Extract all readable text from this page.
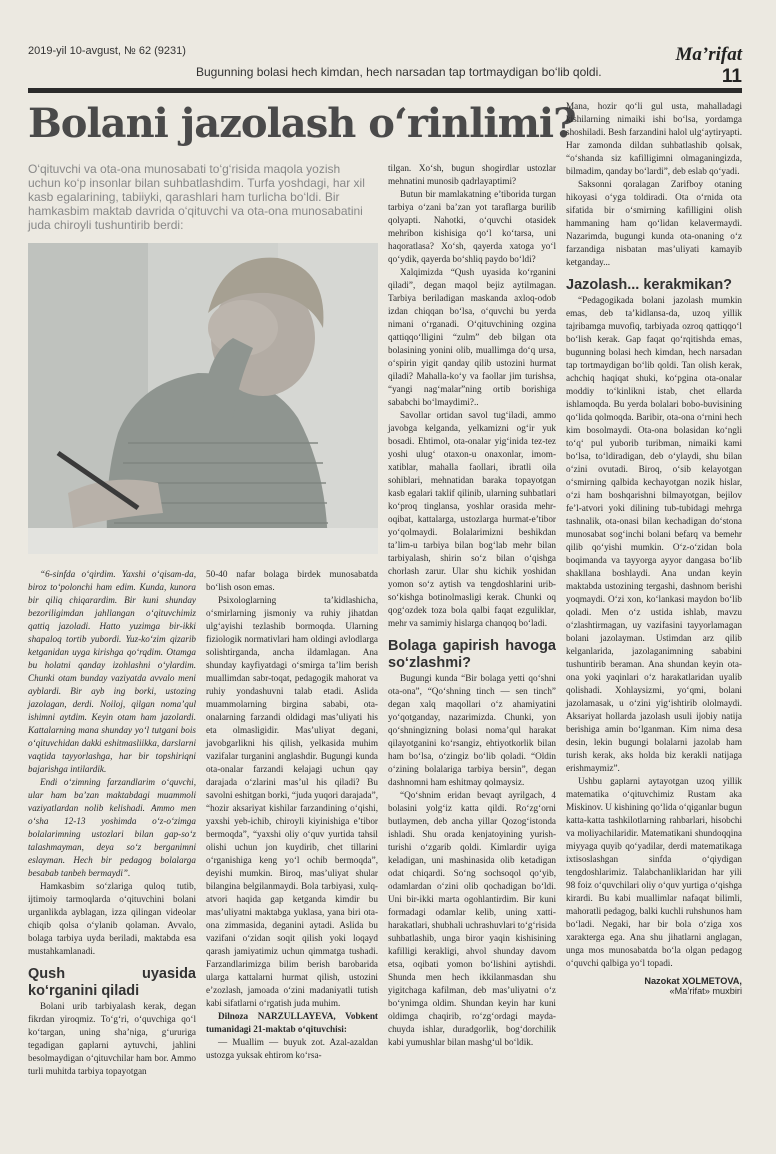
2019-yil 10-avgust, № 62 (9231)	Ma’rifat
Bugunning bolasi hech kimdan, hech narsadan tap tortmaydigan bo‘lib qoldi.	11
Bolani jazolash o‘rinlimi?
O‘qituvchi va ota-ona munosabati to‘g‘risida maqola yozish uchun ko‘p insonlar bilan suhbatlashdim. Turfa yoshdagi, har xil kasb egalarining, tabiiyki, qarashlari ham turlicha bo‘ldi. Bir hamkasbim maktab davrida o‘qituvchi va ota-ona munosabatini juda chiroyli tushuntirib berdi:

“6-sinfda o‘qirdim. Yaxshi o‘qisam-da, biroz to‘polonchi ham edim. Kunda, kunora bir qiliq chiqarardim. Bir kuni shunday bezoriligimdan jahllangan o‘qituvchimiz qattiq jazoladi. Hatto yuzimga bir-ikki shapaloq tortib yubordi. Yuz-ko‘zim qizarib ketganidan uyga kirishga qo‘rqdim. Otamga bu holatni qanday izohlashni o‘ylardim. Chunki otam bunday vaziyatda avvalo meni ayblardi. Bir ayb ing borki, ustozing jazolagan, derdi. Noiloj, qilgan noma’qul ishimni aytdim. Keyin otam ham jazolardi. Kattalarning mana shunday yo‘l tutgani bois o‘qituvchidan dakki eshitmasliikka, darslarni vaqtida tayyorlashga, har bir topshiriqni bajarishga intilardik.

Endi o‘zimning farzandlarim o‘quvchi, ular ham ba’zan maktabdagi muammoli vaziyatlardan nolib kelishadi. Ammo men o‘sha 12-13 yoshimda o‘z-o‘zimga bolalarimning ustozlari bilan gap-so‘z talashmayman, deya so‘z berganimni eslayman. Hech bir pedagog bolalarga besabab tanbeh bermaydi”.

Hamkasbim so‘zlariga quloq tutib, ijtimoiy tarmoqlarda o‘qituvchini bolani urganlikda ayblagan, izza qilingan videolar chiqib qolsa o‘ylanib qolaman. Avvalo, bolaga tarbiya uyda beriladi, maktabda esa mustahkamlanadi.

Qush uyasida ko‘rganini qiladi

Bolani urib tarbiyalash kerak, degan fikrdan yiroqmiz. To‘g‘ri, o‘quvchiga qo‘l ko‘targan, uning sha’niga, g‘ururiga tegadigan gaplarni aytuvchi, jahlini besolmaydigan o‘qituvchilar ham bor. Ammo turli muhitda tarbiya topayotgan

50-40 nafar bolaga birdek munosabatda bo‘lish oson emas.

Psixologlarning ta’kidlashicha, o‘smirlarning jismoniy va ruhiy jihatdan ulg‘ayishi tezlashib bormoqda. Ularning fiziologik normativlari ham oldingi avlodlarga solishtirganda, ancha ildamlagan. Ana shunday kayfiyatdagi o‘smirga ta’lim berish muallimdan sabr-toqat, pedagogik mahorat va ruhiy yondashuvni talab etadi. Aslida muammolarning birgina sababi, ota-onalarning farzandi oldidagi mas’uliyati his eta olmasligidir. Mas’uliyat degani, javobgarlikni his qilish, yelkasida muhim vazifalar turganini anglashdir. Bugungi kunda ota-onalar farzandi kelajagi uchun qay darajada o‘zlarini mas’ul his qiladi? Bu savolni eshitgan borki, “juda yuqori darajada”, “hozir aksariyat kishilar farzandining o‘qishi, yaxshi yeb-ichib, chiroyli kiyinishiga e’tibor bermoqda”, “yaxshi oliy o‘quv yurtida tahsil olishi uchun jon kuydirib, chet tillarini o‘rganishiga keng yo‘l ochib bermoqda”, deyishi mumkin. Biroq, mas’uliyat shular bilangina belgilanmaydi. Bola tarbiyasi, xulq-atvori haqida gap ketganda kimdir bu mas’uliyatni maktabga yuklasa, yana biri ota-ona zimmasida, deganini aytadi. Aslida bu vazifani o‘zidan soqit qilish yoki loqayd qarash jamiyatimiz uchun qimmatga tushadi. Farzandlarimizga bilim berish barobarida ularga kattalarni hurmat qilish, ustozini e’zozlash, jamoada o‘zini madaniyatli tutish kabi sifatlarni o‘rgatish juda muhim.

Dilnoza NARZULLAYEVA, Vobkent tumanidagi 21-maktab o‘qituvchisi:

— Muallim — buyuk zot. Azal-azaldan ustozga yuksak ehtirom ko‘rsa-

tilgan. Xo‘sh, bugun shogirdlar ustozlar mehnatini munosib qadrlayaptimi?

Butun bir mamlakatning e’tiborida turgan tarbiya o‘zani ba’zan yot taraflarga burilib qolyapti. Nahotki, o‘quvchi otasidek mehribon kishisiga qo‘l ko‘tarsa, uni haqoratlasa? Xo‘sh, qayerda xatoga yo‘l qo‘ydik, qayerda bo‘shliq paydo bo‘ldi?

Xalqimizda “Qush uyasida ko‘rganini qiladi”, degan maqol bejiz aytilmagan. Tarbiya beriladigan maskanda axloq-odob izdan chiqqan bo‘lsa, o‘quvchi bu yerda nimani o‘rganadi. O‘qituvchining ozgina qattiqqo‘lligini “zulm” deb bilgan ota bolasining yonini olib, muallimga do‘q ursa, o‘spirin yigit qanday qilib ustozini hurmat qiladi? Mahalla-ko‘y va faollar jim turishsa, “yangi nag‘malar”ning ortib borishiga sababchi bo‘lmaydimi?..

Savollar ortidan savol tug‘iladi, ammo javobga kelganda, yelkamizni og‘ir yuk bosadi. Ehtimol, ota-onalar yig‘inida tez-tez yoshi ulug‘ otaxon-u onaxonlar, imom-xatiblar, mahalla faollari, ibratli oila sohiblari, mehnatidan baraka topayotgan kasb egalari taklif qilinib, ularning suhbatlari ko‘proq tinglansa, yoshlar orasida mehr-oqibat, kattalarga, ustozlarga hurmat-e’tibor yo‘qolmaydi. Bolalarimizni beshikdan ta’lim-u tarbiya bilan bog‘lab mehr bilan tarbiyalash, shirin so‘z bilan o‘qishga chorlash zarur. Ular shu kichik yoshidan yomon so‘z aytish va tengdoshlarini urib-so‘kishga botinolmasligi kerak. Chunki oq qog‘ozdek toza bola qalbi faqat ezguliklar, mehr va samimiy hislarga chanqoq bo‘ladi.

Bolaga gapirish havoga so‘zlashmi?

Bugungi kunda “Bir bolaga yetti qo‘shni ota-ona”, “Qo‘shning tinch — sen tinch” degan xalq maqollari o‘z ahamiyatini yo‘qotganday, nazarimizda. Chunki, yon qo‘shningizning bolasi noma’qul harakat qilayotganini ko‘rsangiz, ehtiyotkorlik bilan ham bo‘lsa, o‘zingiz bo‘lib qoladi. “Oldin o‘zining bolalariga tarbiya bersin”, degan dashnomni ham eshitmay qolmaysiz.

“Qo‘shnim eridan bevaqt ayrilgach, 4 bolasini yolg‘iz katta qildi. Ro‘zg‘orni butlaymen, deb ancha yillar Qozog‘istonda ishladi. Shu orada kenjatoyining yurish-turishi o‘zgarib qoldi. Kimlardir uyiga keladigan, uni mashinasida olib ketadigan odat chiqardi. So‘ng sochsoqol qo‘yib, odamlardan o‘zini olib qochadigan bo‘ldi. Uni bir-ikki marta ogohlantirdim. Bir kuni formadagi odamlar kelib, uning xatti-harakatlari, shubhali uchrashuvlari to‘g‘risida suhbatlashib, unga biror yaqin kishisining kafilligi kerakligi, ahvol shunday davom etsa, oqibati yomon bo‘lishini aytishdi. Shunda men hech ikkilanmasdan shu yigitchaga kafilman, deb mas’uliyatni o‘z bo‘ynimga oldim. Shundan keyin har kuni oldimga chaqirib, ro‘zg‘ordagi mayda-chuyda ishlar, duradgorlik, bog‘dorchilik kabi yumushlar bilan mashg‘ul bo‘ldik.

Mana, hozir qo‘li gul usta, mahalladagi kishilarning nimaiki ishi bo‘lsa, yordamga shoshiladi. Besh farzandini halol ulg‘aytiryapti. Har zamonda dildan suhbatlashib qolsak, “o‘shanda siz kafilligimni olmaganingizda, bilmadim, qanday bo‘lardi”, deb eslab qo‘yadi.

Saksonni qoralagan Zarifboy otaning hikoyasi o‘yga toldiradi. Ota o‘rnida ota sifatida bir o‘smirning kafilligini olish hammaning ham qo‘lidan kelavermaydi. Nazarimda, bugungi kunda ota-onaning o‘z farzandiga nisbatan mas’uliyati kamayib ketganday...

Jazolash... kerakmikan?

“Pedagogikada bolani jazolash mumkin emas, deb ta’kidlansa-da, uzoq yillik tajribamga muvofiq, tarbiyada ozroq qattiqqo‘l bo‘lish kerak. Gap faqat qo‘rqitishda emas, bugunning bolasi hech kimdan, hech narsadan tap tortmaydigan bo‘lib qoldi. Tan olish kerak, achchiq haqiqat shuki, ko‘pgina ota-onalar moddiy to‘kinlikni istab, chet ellarda ishlamoqda. Bu yerda bolalari bobo-buvisining qo‘lida qolmoqda. Baribir, ota-ona o‘rnini hech kim bosolmaydi. Ota-ona bolasidan ko‘ngli to‘q‘ pul yuborib turibman, nimaiki kami bo‘lsa, to‘ldiradigan, deb o‘ylaydi, shu bilan o‘zini ovutadi. Biroq, o‘sib kelayotgan o‘smirning qalbida kechayotgan nozik hislar, o‘zi ham boshqarishni bilmayotgan, bejilov fe’l-atvori yoki dilining tub-tubidagi mehrga tashnalik, ota-onasi bilan kechadigan do‘stona munosabat sog‘inchi bolani befarq va bemehr qilib qo‘yishi mumkin. O‘z-o‘zidan bola boqimanda va tayyorga ayyor dangasa bo‘lib shakllana boshlaydi. Ana undan keyin maktabda ustozining tergashi, dashnom berishi yoqmaydi. O‘zi xon, ko‘lankasi maydon bo‘lib qoladi. Men o‘z ustida ishlab, mavzu o‘zlashtirmagan, uy vazifasini tayyorlamagan bolani jazolayman. Ustimdan arz qilib kelganlarida, jazolaganimning sababini tushuntirib beraman. Ana shundan keyin ota-ona yoki yaqinlari o‘z harakatlaridan uyalib qolishadi. Xohlaysizmi, yo‘qmi, bolani jazolamasak, u o‘zini yig‘ishtirib ololmaydi. Aksariyat hollarda jazolash usuli ijobiy natija berishiga amin bo‘lganman. Kim nima desa desin, lekin bugungi bolalarni jazolab ham turish kerak, aks holda biz kerakli natijaga erishmaymiz”.

Ushbu gaplarni aytayotgan uzoq yillik matematika o‘qituvchimiz Rustam aka Miskinov. U kishining qo‘lida o‘qiganlar bugun katta-katta tashkilotlarning rahbarlari, hisobchi va moliyachilaridir. Matematikani shundoqqina miyyaga quyib qo‘yadilar, derdi matematikaga ixtisoslashgan sinfda o‘qiydigan tengdoshlarimiz. Talabchanliklaridan har yili 98 foiz o‘quvchilari oliy o‘quv yurtiga o‘qishga kirardi. Bu kabi muallimlar nafaqat bilimli, mahoratli pedagog, balki kuchli ruhshunos ham bo‘ladi. Negaki, har bir bola o‘ziga xos xarakterga ega. Ana shu jihatlarni anglagan, unga mos munosabatda bo‘la olgan pedagog o‘quvchi qalbiga yo‘l topadi.

Nazokat XOLMETOVA,
«Ma’rifat» muxbiri
